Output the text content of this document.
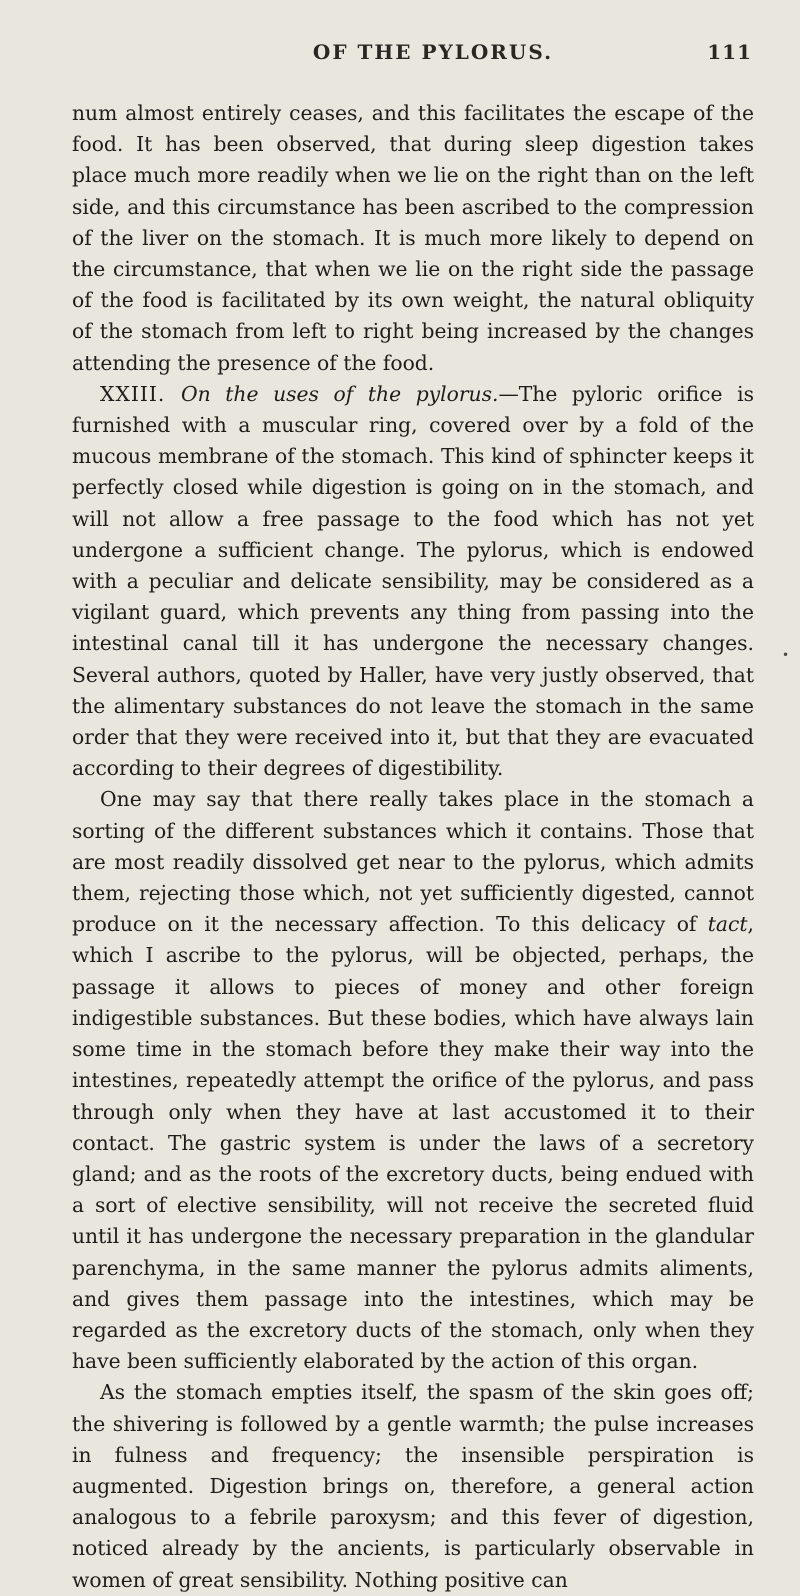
OF THE PYLORUS.	111

num almost entirely ceases, and this facilitates the escape of the food. It has been observed, that during sleep digestion takes place much more readily when we lie on the right than on the left side, and this circumstance has been ascribed to the compression of the liver on the stomach. It is much more likely to depend on the circumstance, that when we lie on the right side the passage of the food is facilitated by its own weight, the natural obliquity of the stomach from left to right being increased by the changes attending the presence of the food.

XXIII. On the uses of the pylorus.—The pyloric orifice is furnished with a muscular ring, covered over by a fold of the mucous membrane of the stomach. This kind of sphincter keeps it perfectly closed while digestion is going on in the stomach, and will not allow a free passage to the food which has not yet undergone a sufficient change. The pylorus, which is endowed with a peculiar and delicate sensibility, may be considered as a vigilant guard, which prevents any thing from passing into the intestinal canal till it has undergone the necessary changes. Several authors, quoted by Haller, have very justly observed, that the alimentary substances do not leave the stomach in the same order that they were received into it, but that they are evacuated according to their degrees of digestibility.

One may say that there really takes place in the stomach a sorting of the different substances which it contains. Those that are most readily dissolved get near to the pylorus, which admits them, rejecting those which, not yet sufficiently digested, cannot produce on it the necessary affection. To this delicacy of tact, which I ascribe to the pylorus, will be objected, perhaps, the passage it allows to pieces of money and other foreign indigestible substances. But these bodies, which have always lain some time in the stomach before they make their way into the intestines, repeatedly attempt the orifice of the pylorus, and pass through only when they have at last accustomed it to their contact. The gastric system is under the laws of a secretory gland; and as the roots of the excretory ducts, being endued with a sort of elective sensibility, will not receive the secreted fluid until it has undergone the necessary preparation in the glandular parenchyma, in the same manner the pylorus admits aliments, and gives them passage into the intestines, which may be regarded as the excretory ducts of the stomach, only when they have been sufficiently elaborated by the action of this organ.

As the stomach empties itself, the spasm of the skin goes off; the shivering is followed by a gentle warmth; the pulse increases in fulness and frequency; the insensible perspiration is augmented. Digestion brings on, therefore, a general action analogous to a febrile paroxysm; and this fever of digestion, noticed already by the ancients, is particularly observable in women of great sensibility. Nothing positive can

•
